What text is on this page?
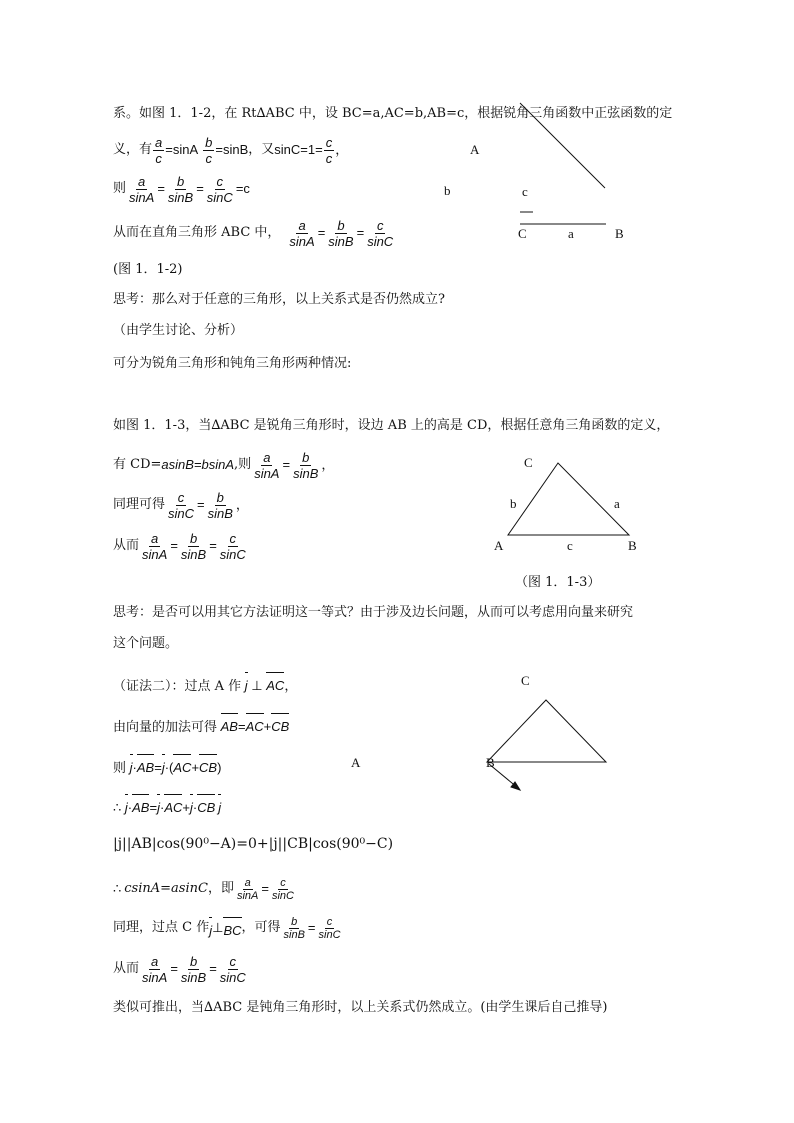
系。如图 1．1-2，在 Rt∆ABC 中，设 BC=a,AC=b,AB=c，根据锐角三角函数中正弦函数的定
义，有 $\frac{a}{c} =\sin A \frac{b}{c} =\sin B$ ，又 $\sin C=1= \frac{c}{c}$ ，
则 $\frac{a}{\sin A} = \frac{b}{\sin B} = \frac{c}{\sin C} =c$
从而在直角三角形 ABC 中， $\frac{a}{\sin A} = \frac{b}{\sin B} = \frac{c}{\sin C}$
A
b	c
C	a	B
(图 1．1-2)
思考：那么对于任意的三角形，以上关系式是否仍然成立?
（由学生讨论、分析）
可分为锐角三角形和钝角三角形两种情况:
如图 1．1-3，当∆ABC 是锐角三角形时，设边 AB 上的高是 CD，根据任意角三角函数的定义，
有 CD= asinB=bsinA ,则 $\frac{a}{\sin A} = \frac{b}{\sin B}$ ，
同理可得 $\frac{c}{\sin C} = \frac{b}{\sin B}$ ，
从而 $\frac{a}{\sin A} = \frac{b}{\sin B} = \frac{c}{\sin C}$
C
b	a
A	c	B
（图 1．1-3）
思考：是否可以用其它方法证明这一等式？由于涉及边长问题，从而可以考虑用向量来研究
这个问题。
（证法二）：过点 A 作 j ⊥ AC，
由向量的加法可得 AB=AC+CB
则 j·AB=j·(AC+CB)
∴ j·AB=j·AC+j·CB j
|j||AB|cos(90⁰−A)=0+|j||CB|cos(90⁰−C)
∴ csinA=asinC ，即 $\frac{a}{\sin A} = \frac{c}{\sin C}$
同理，过点 C 作 j ⊥ BC ，可得 $\frac{b}{\sin B} = \frac{c}{\sin C}$
从而 $\frac{a}{\sin A} = \frac{b}{\sin B} = \frac{c}{\sin C}$
类似可推出，当∆ABC 是钝角三角形时，以上关系式仍然成立。(由学生课后自己推导)
C
A	B
